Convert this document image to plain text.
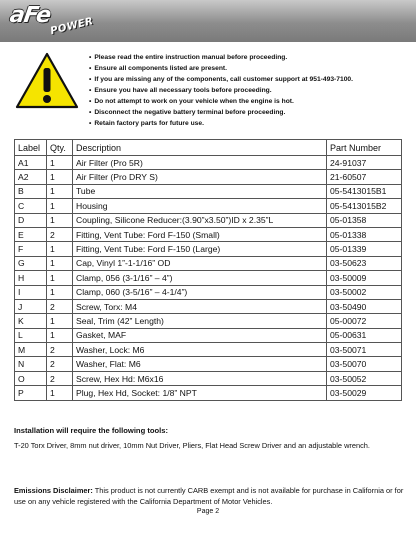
aFe
POWER
• Please read the entire instruction manual before proceeding.
• Ensure all components listed are present.
• If you are missing any of the components, call customer support at 951-493-7100.
• Ensure you have all necessary tools before proceeding.
• Do not attempt to work on your vehicle when the engine is hot.
• Disconnect the negative battery terminal before proceeding.
• Retain factory parts for future use.
Label	Qty.	Description	Part Number
A1	1	Air Filter (Pro 5R)	24-91037
A2	1	Air Filter (Pro DRY S)	21-60507
B	1	Tube	05-5413015B1
C	1	Housing	05-5413015B2
D	1	Coupling, Silicone Reducer:(3.90”x3.50”)ID x 2.35”L	05-01358
E	2	Fitting, Vent Tube: Ford F-150 (Small)	05-01338
F	1	Fitting, Vent Tube: Ford F-150 (Large)	05-01339
G	1	Cap, Vinyl 1”-1-1/16” OD	03-50623
H	1	Clamp, 056 (3-1/16” – 4”)	03-50009
I	1	Clamp, 060 (3-5/16” – 4-1/4”)	03-50002
J	2	Screw, Torx: M4	03-50490
K	1	Seal, Trim (42” Length)	05-00072
L	1	Gasket, MAF	05-00631
M	2	Washer, Lock: M6	03-50071
N	2	Washer, Flat: M6	03-50070
O	2	Screw, Hex Hd: M6x16	03-50052
P	1	Plug, Hex Hd, Socket: 1/8” NPT	03-50029
Installation will require the following tools:
T-20 Torx Driver, 8mm nut driver, 10mm Nut Driver, Pliers, Flat Head Screw Driver and an adjustable wrench.
Emissions Disclaimer: This product is not currently CARB exempt and is not available for purchase in California or for use on any vehicle registered with the California Department of Motor Vehicles.
Page 2
